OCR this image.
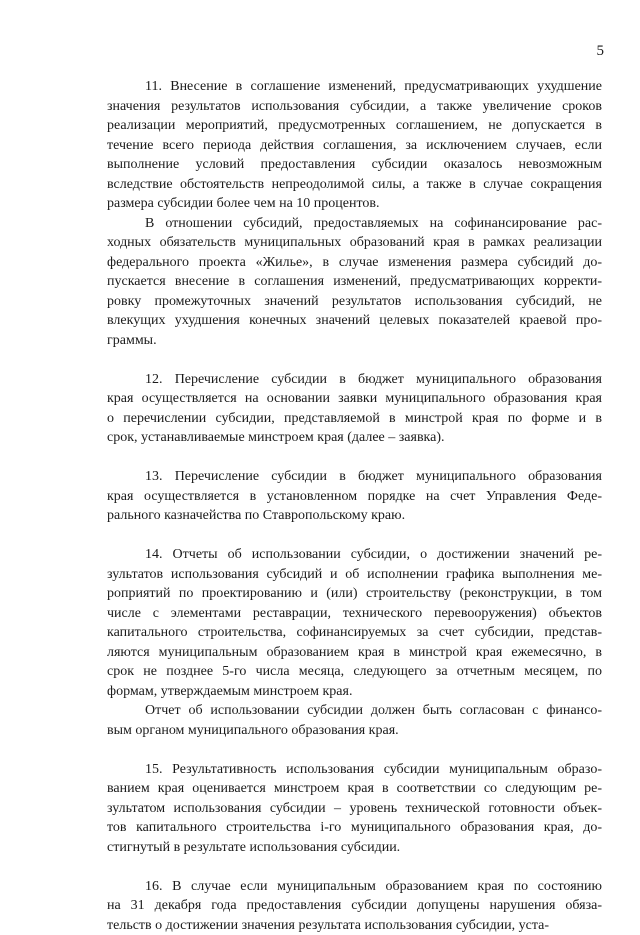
5
11. Внесение в соглашение изменений, предусматривающих ухудшение
значения результатов использования субсидии, а также увеличение сроков
реализации мероприятий, предусмотренных соглашением, не допускается в
течение всего периода действия соглашения, за исключением случаев, если
выполнение условий предоставления субсидии оказалось невозможным
вследствие обстоятельств непреодолимой силы, а также в случае сокращения
размера субсидии более чем на 10 процентов.
В отношении субсидий, предоставляемых на софинансирование рас-
ходных обязательств муниципальных образований края в рамках реализации
федерального проекта «Жилье», в случае изменения размера субсидий до-
пускается внесение в соглашения изменений, предусматривающих корректи-
ровку промежуточных значений результатов использования субсидий, не
влекущих ухудшения конечных значений целевых показателей краевой про-
граммы.
12. Перечисление субсидии в бюджет муниципального образования
края осуществляется на основании заявки муниципального образования края
о перечислении субсидии, представляемой в минстрой края по форме и в
срок, устанавливаемые минстроем края (далее – заявка).
13. Перечисление субсидии в бюджет муниципального образования
края осуществляется в установленном порядке на счет Управления Феде-
рального казначейства по Ставропольскому краю.
14. Отчеты об использовании субсидии, о достижении значений ре-
зультатов использования субсидий и об исполнении графика выполнения ме-
роприятий по проектированию и (или) строительству (реконструкции, в том
числе с элементами реставрации, технического перевооружения) объектов
капитального строительства, софинансируемых за счет субсидии, представ-
ляются муниципальным образованием края в минстрой края ежемесячно, в
срок не позднее 5-го числа месяца, следующего за отчетным месяцем, по
формам, утверждаемым минстроем края.
Отчет об использовании субсидии должен быть согласован с финансо-
вым органом муниципального образования края.
15. Результативность использования субсидии муниципальным образо-
ванием края оценивается минстроем края в соответствии со следующим ре-
зультатом использования субсидии – уровень технической готовности объек-
тов капитального строительства i-го муниципального образования края, до-
стигнутый в результате использования субсидии.
16. В случае если муниципальным образованием края по состоянию
на 31 декабря года предоставления субсидии допущены нарушения обяза-
тельств о достижении значения результата использования субсидии, уста-
